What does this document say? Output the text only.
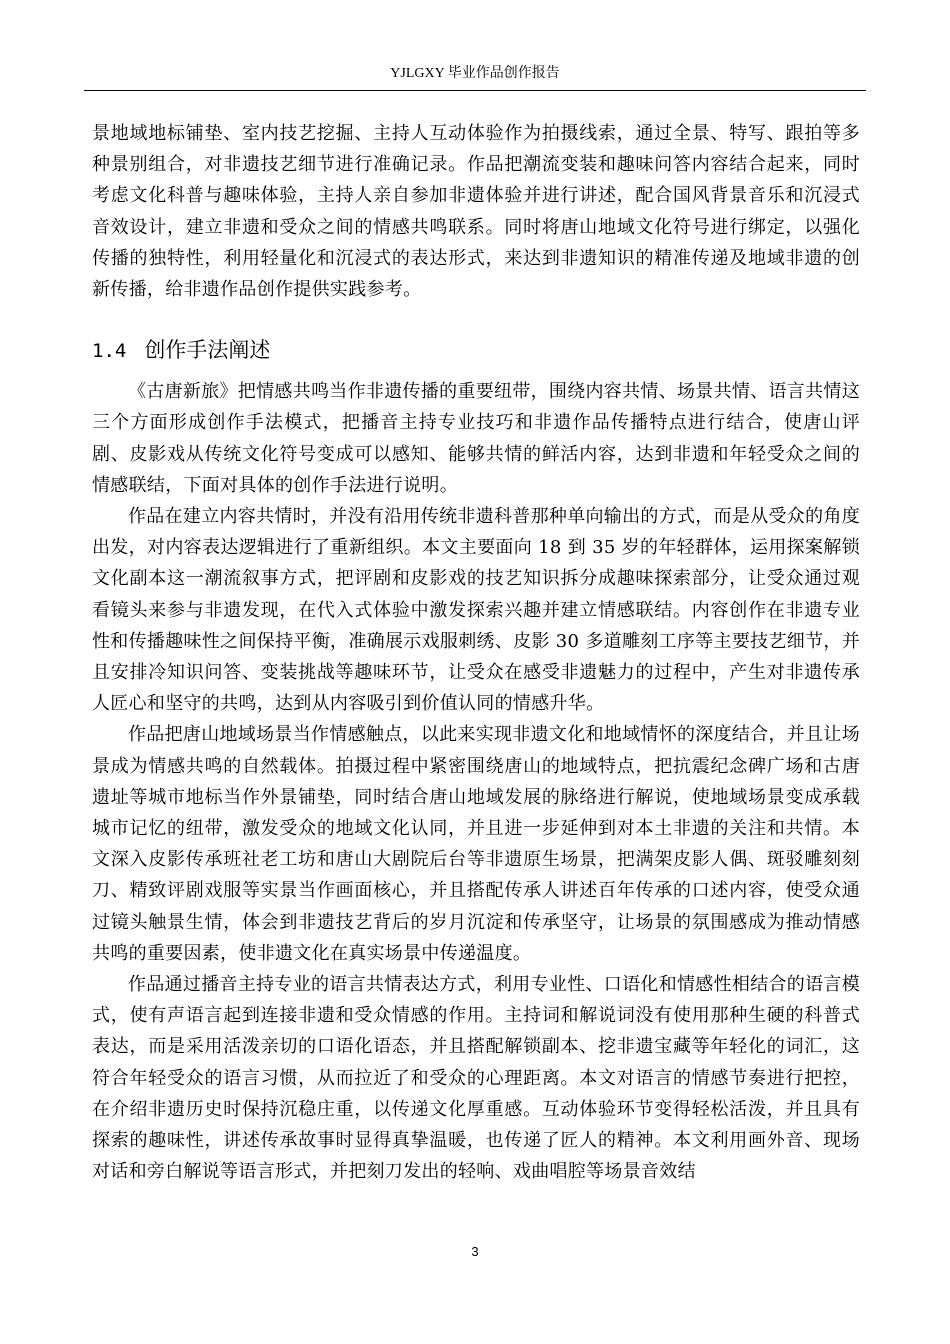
YJLGXY 毕业作品创作报告

景地域地标铺垫、室内技艺挖掘、主持人互动体验作为拍摄线索，通过全景、特写、跟拍等多种景别组合，对非遗技艺细节进行准确记录。作品把潮流变装和趣味问答内容结合起来，同时考虑文化科普与趣味体验，主持人亲自参加非遗体验并进行讲述，配合国风背景音乐和沉浸式音效设计，建立非遗和受众之间的情感共鸣联系。同时将唐山地域文化符号进行绑定，以强化传播的独特性，利用轻量化和沉浸式的表达形式，来达到非遗知识的精准传递及地域非遗的创新传播，给非遗作品创作提供实践参考。

1.4 创作手法阐述

《古唐新旅》把情感共鸣当作非遗传播的重要纽带，围绕内容共情、场景共情、语言共情这三个方面形成创作手法模式，把播音主持专业技巧和非遗作品传播特点进行结合，使唐山评剧、皮影戏从传统文化符号变成可以感知、能够共情的鲜活内容，达到非遗和年轻受众之间的情感联结，下面对具体的创作手法进行说明。

作品在建立内容共情时，并没有沿用传统非遗科普那种单向输出的方式，而是从受众的角度出发，对内容表达逻辑进行了重新组织。本文主要面向 18 到 35 岁的年轻群体，运用探案解锁文化副本这一潮流叙事方式，把评剧和皮影戏的技艺知识拆分成趣味探索部分，让受众通过观看镜头来参与非遗发现，在代入式体验中激发探索兴趣并建立情感联结。内容创作在非遗专业性和传播趣味性之间保持平衡，准确展示戏服刺绣、皮影 30 多道雕刻工序等主要技艺细节，并且安排冷知识问答、变装挑战等趣味环节，让受众在感受非遗魅力的过程中，产生对非遗传承人匠心和坚守的共鸣，达到从内容吸引到价值认同的情感升华。

作品把唐山地域场景当作情感触点，以此来实现非遗文化和地域情怀的深度结合，并且让场景成为情感共鸣的自然载体。拍摄过程中紧密围绕唐山的地域特点，把抗震纪念碑广场和古唐遗址等城市地标当作外景铺垫，同时结合唐山地域发展的脉络进行解说，使地域场景变成承载城市记忆的纽带，激发受众的地域文化认同，并且进一步延伸到对本土非遗的关注和共情。本文深入皮影传承班社老工坊和唐山大剧院后台等非遗原生场景，把满架皮影人偶、斑驳雕刻刻刀、精致评剧戏服等实景当作画面核心，并且搭配传承人讲述百年传承的口述内容，使受众通过镜头触景生情，体会到非遗技艺背后的岁月沉淀和传承坚守，让场景的氛围感成为推动情感共鸣的重要因素，使非遗文化在真实场景中传递温度。

作品通过播音主持专业的语言共情表达方式，利用专业性、口语化和情感性相结合的语言模式，使有声语言起到连接非遗和受众情感的作用。主持词和解说词没有使用那种生硬的科普式表达，而是采用活泼亲切的口语化语态，并且搭配解锁副本、挖非遗宝藏等年轻化的词汇，这符合年轻受众的语言习惯，从而拉近了和受众的心理距离。本文对语言的情感节奏进行把控，在介绍非遗历史时保持沉稳庄重，以传递文化厚重感。互动体验环节变得轻松活泼，并且具有探索的趣味性，讲述传承故事时显得真挚温暖，也传递了匠人的精神。本文利用画外音、现场对话和旁白解说等语言形式，并把刻刀发出的轻响、戏曲唱腔等场景音效结

3
